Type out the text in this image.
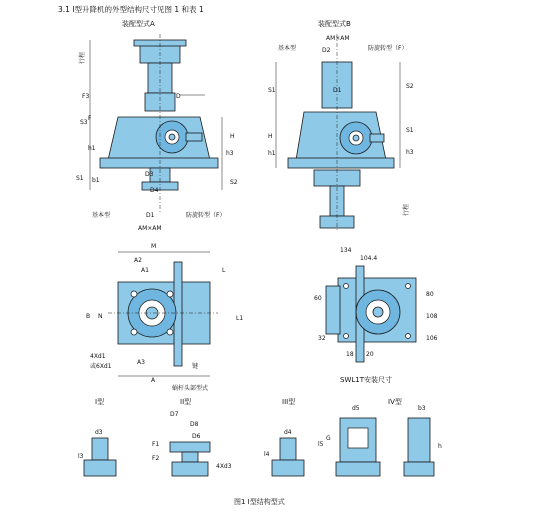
3.1 I型升降机的外型结构尺寸见图 1 和表 1
装配型式A
行程
F3
S3
F
h1
S1 b1
D
H
h3
S2
D3
D4
D1
基本型	防旋转型（F）
AM×AM
装配型式B
AM×AM
D2
基本型	防旋转型（F）
D1
S1
H
h1
S2
S1
h3
行程
M
A2
A1	L
L1
N
B
4Xd1
或6Xd1
A3
键
A
蜗杆头部型式
134
104.4
60
80
108
32
20
18
106
SWL1T安装尺寸
I型
d3
l3
II型
D7
D8
D6
F1
F2
4Xd3
III型
d4
l4
IV型
d5
G
l5
b3
h
图1 I型结构型式
